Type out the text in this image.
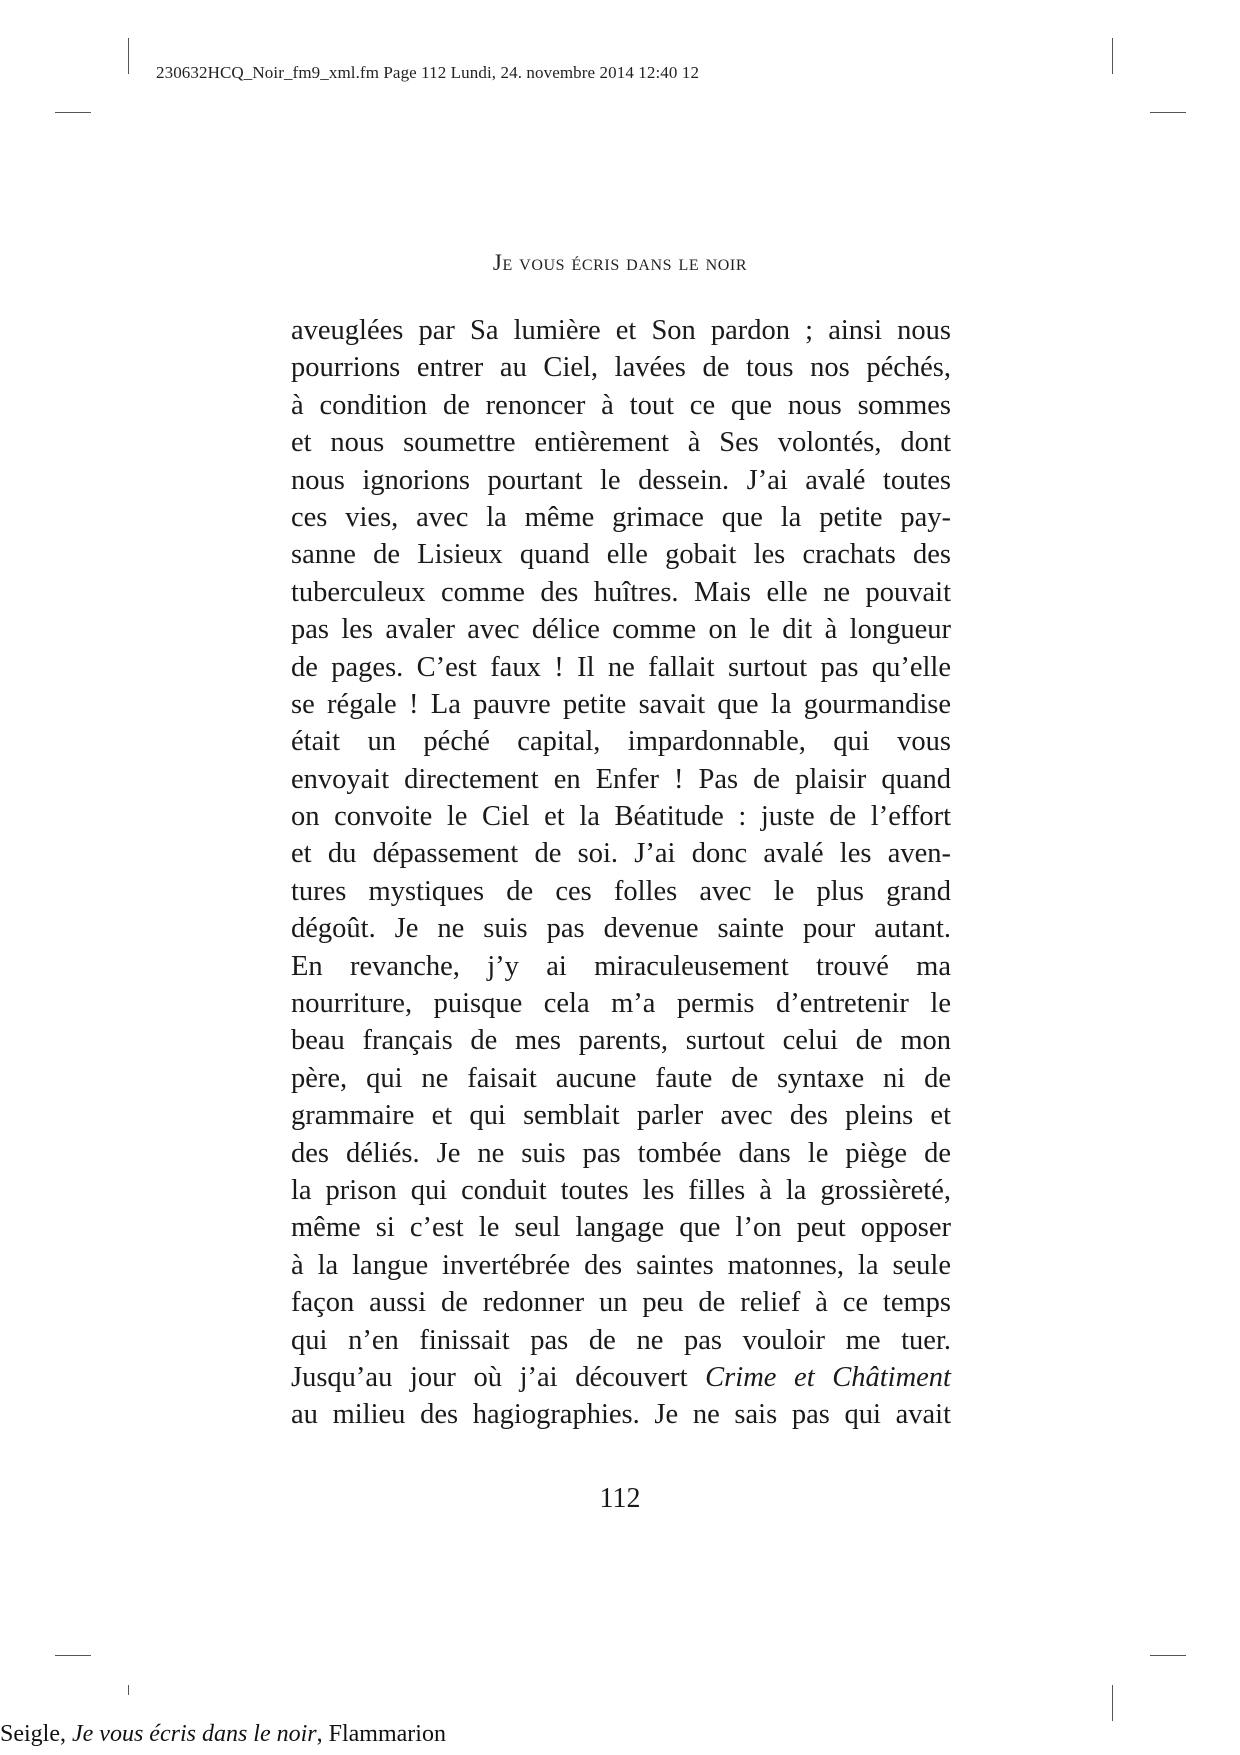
230632HCQ_Noir_fm9_xml.fm Page 112 Lundi, 24. novembre 2014 12:40 12
Je vous écris dans le noir
aveuglées par Sa lumière et Son pardon ; ainsi nous
pourrions entrer au Ciel, lavées de tous nos péchés,
à condition de renoncer à tout ce que nous sommes
et nous soumettre entièrement à Ses volontés, dont
nous ignorions pourtant le dessein. J’ai avalé toutes
ces vies, avec la même grimace que la petite pay-
sanne de Lisieux quand elle gobait les crachats des
tuberculeux comme des huîtres. Mais elle ne pouvait
pas les avaler avec délice comme on le dit à longueur
de pages. C’est faux ! Il ne fallait surtout pas qu’elle
se régale ! La pauvre petite savait que la gourmandise
était un péché capital, impardonnable, qui vous
envoyait directement en Enfer ! Pas de plaisir quand
on convoite le Ciel et la Béatitude : juste de l’effort
et du dépassement de soi. J’ai donc avalé les aven-
tures mystiques de ces folles avec le plus grand
dégoût. Je ne suis pas devenue sainte pour autant.
En revanche, j’y ai miraculeusement trouvé ma
nourriture, puisque cela m’a permis d’entretenir le
beau français de mes parents, surtout celui de mon
père, qui ne faisait aucune faute de syntaxe ni de
grammaire et qui semblait parler avec des pleins et
des déliés. Je ne suis pas tombée dans le piège de
la prison qui conduit toutes les filles à la grossièreté,
même si c’est le seul langage que l’on peut opposer
à la langue invertébrée des saintes matonnes, la seule
façon aussi de redonner un peu de relief à ce temps
qui n’en finissait pas de ne pas vouloir me tuer.
Jusqu’au jour où j’ai découvert Crime et Châtiment
au milieu des hagiographies. Je ne sais pas qui avait
112
Seigle, Je vous écris dans le noir, Flammarion
